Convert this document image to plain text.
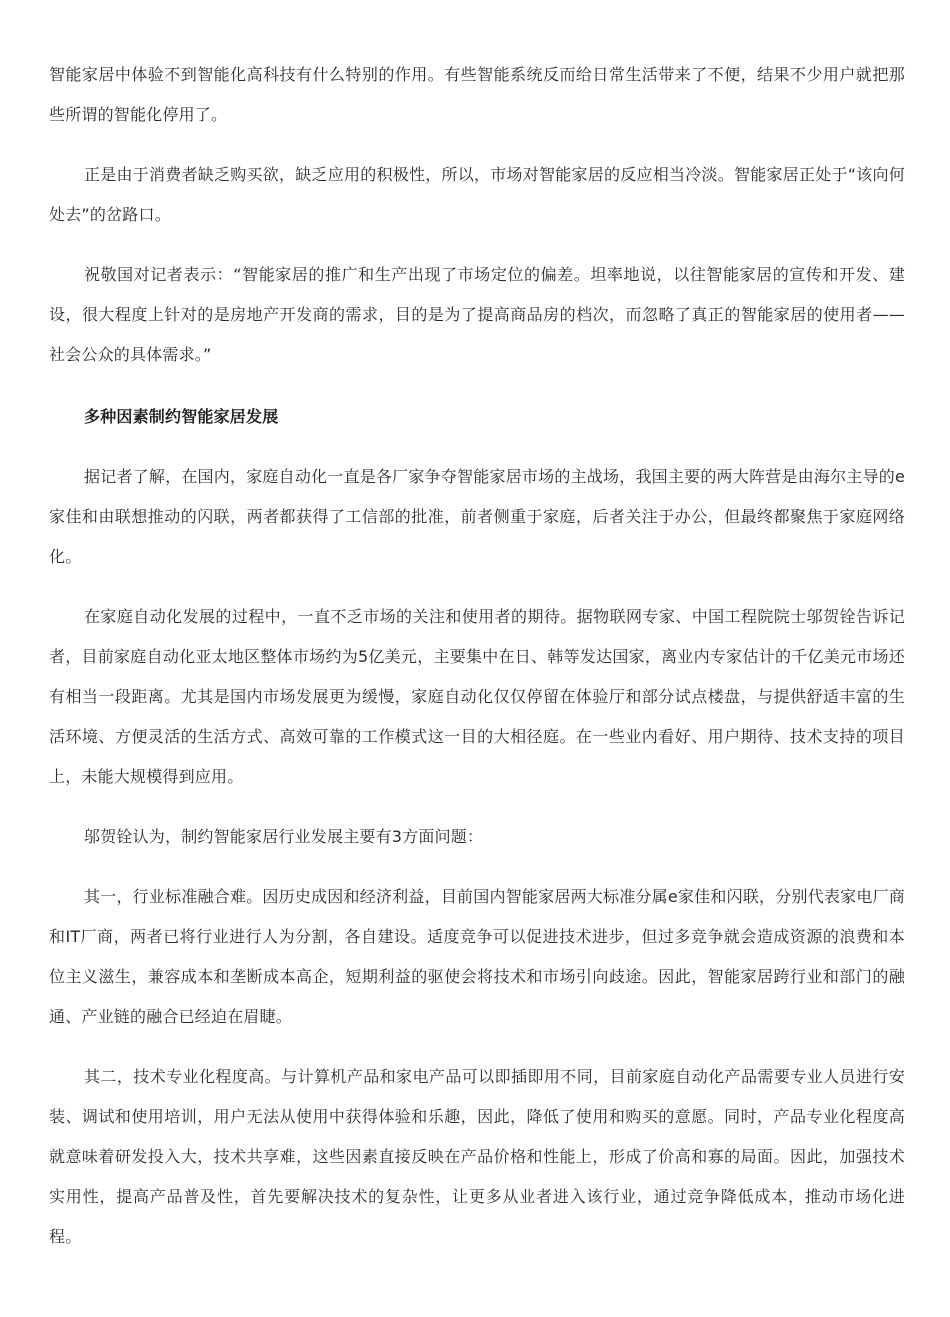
智能家居中体验不到智能化高科技有什么特别的作用。有些智能系统反而给日常生活带来了不便，结果不少用户就把那些所谓的智能化停用了。

正是由于消费者缺乏购买欲，缺乏应用的积极性，所以，市场对智能家居的反应相当冷淡。智能家居正处于“该向何处去”的岔路口。

祝敬国对记者表示：“智能家居的推广和生产出现了市场定位的偏差。坦率地说，以往智能家居的宣传和开发、建设，很大程度上针对的是房地产开发商的需求，目的是为了提高商品房的档次，而忽略了真正的智能家居的使用者——社会公众的具体需求。”

多种因素制约智能家居发展

据记者了解，在国内，家庭自动化一直是各厂家争夺智能家居市场的主战场，我国主要的两大阵营是由海尔主导的e家佳和由联想推动的闪联，两者都获得了工信部的批准，前者侧重于家庭，后者关注于办公，但最终都聚焦于家庭网络化。

在家庭自动化发展的过程中，一直不乏市场的关注和使用者的期待。据物联网专家、中国工程院院士邬贺铨告诉记者，目前家庭自动化亚太地区整体市场约为5亿美元，主要集中在日、韩等发达国家，离业内专家估计的千亿美元市场还有相当一段距离。尤其是国内市场发展更为缓慢，家庭自动化仅仅停留在体验厅和部分试点楼盘，与提供舒适丰富的生活环境、方便灵活的生活方式、高效可靠的工作模式这一目的大相径庭。在一些业内看好、用户期待、技术支持的项目上，未能大规模得到应用。

邬贺铨认为，制约智能家居行业发展主要有3方面问题：

其一，行业标准融合难。因历史成因和经济利益，目前国内智能家居两大标准分属e家佳和闪联，分别代表家电厂商和IT厂商，两者已将行业进行人为分割，各自建设。适度竞争可以促进技术进步，但过多竞争就会造成资源的浪费和本位主义滋生，兼容成本和垄断成本高企，短期利益的驱使会将技术和市场引向歧途。因此，智能家居跨行业和部门的融通、产业链的融合已经迫在眉睫。

其二，技术专业化程度高。与计算机产品和家电产品可以即插即用不同，目前家庭自动化产品需要专业人员进行安装、调试和使用培训，用户无法从使用中获得体验和乐趣，因此，降低了使用和购买的意愿。同时，产品专业化程度高就意味着研发投入大，技术共享难，这些因素直接反映在产品价格和性能上，形成了价高和寡的局面。因此，加强技术实用性，提高产品普及性，首先要解决技术的复杂性，让更多从业者进入该行业，通过竞争降低成本，推动市场化进程。
